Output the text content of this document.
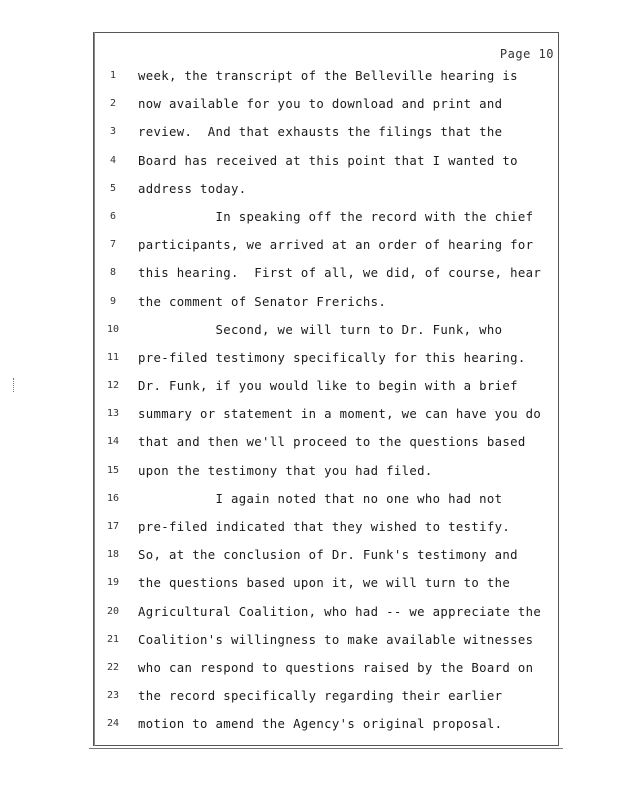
Page 10
1
2
3
4
5
6
7
8
9
10
11
12
13
14
15
16
17
18
19
20
21
22
23
24
week, the transcript of the Belleville hearing is
now available for you to download and print and
review.  And that exhausts the filings that the
Board has received at this point that I wanted to
address today.
In speaking off the record with the chief
participants, we arrived at an order of hearing for
this hearing.  First of all, we did, of course, hear
the comment of Senator Frerichs.
Second, we will turn to Dr. Funk, who
pre-filed testimony specifically for this hearing.
Dr. Funk, if you would like to begin with a brief
summary or statement in a moment, we can have you do
that and then we'll proceed to the questions based
upon the testimony that you had filed.
I again noted that no one who had not
pre-filed indicated that they wished to testify.
So, at the conclusion of Dr. Funk's testimony and
the questions based upon it, we will turn to the
Agricultural Coalition, who had -- we appreciate the
Coalition's willingness to make available witnesses
who can respond to questions raised by the Board on
the record specifically regarding their earlier
motion to amend the Agency's original proposal.
